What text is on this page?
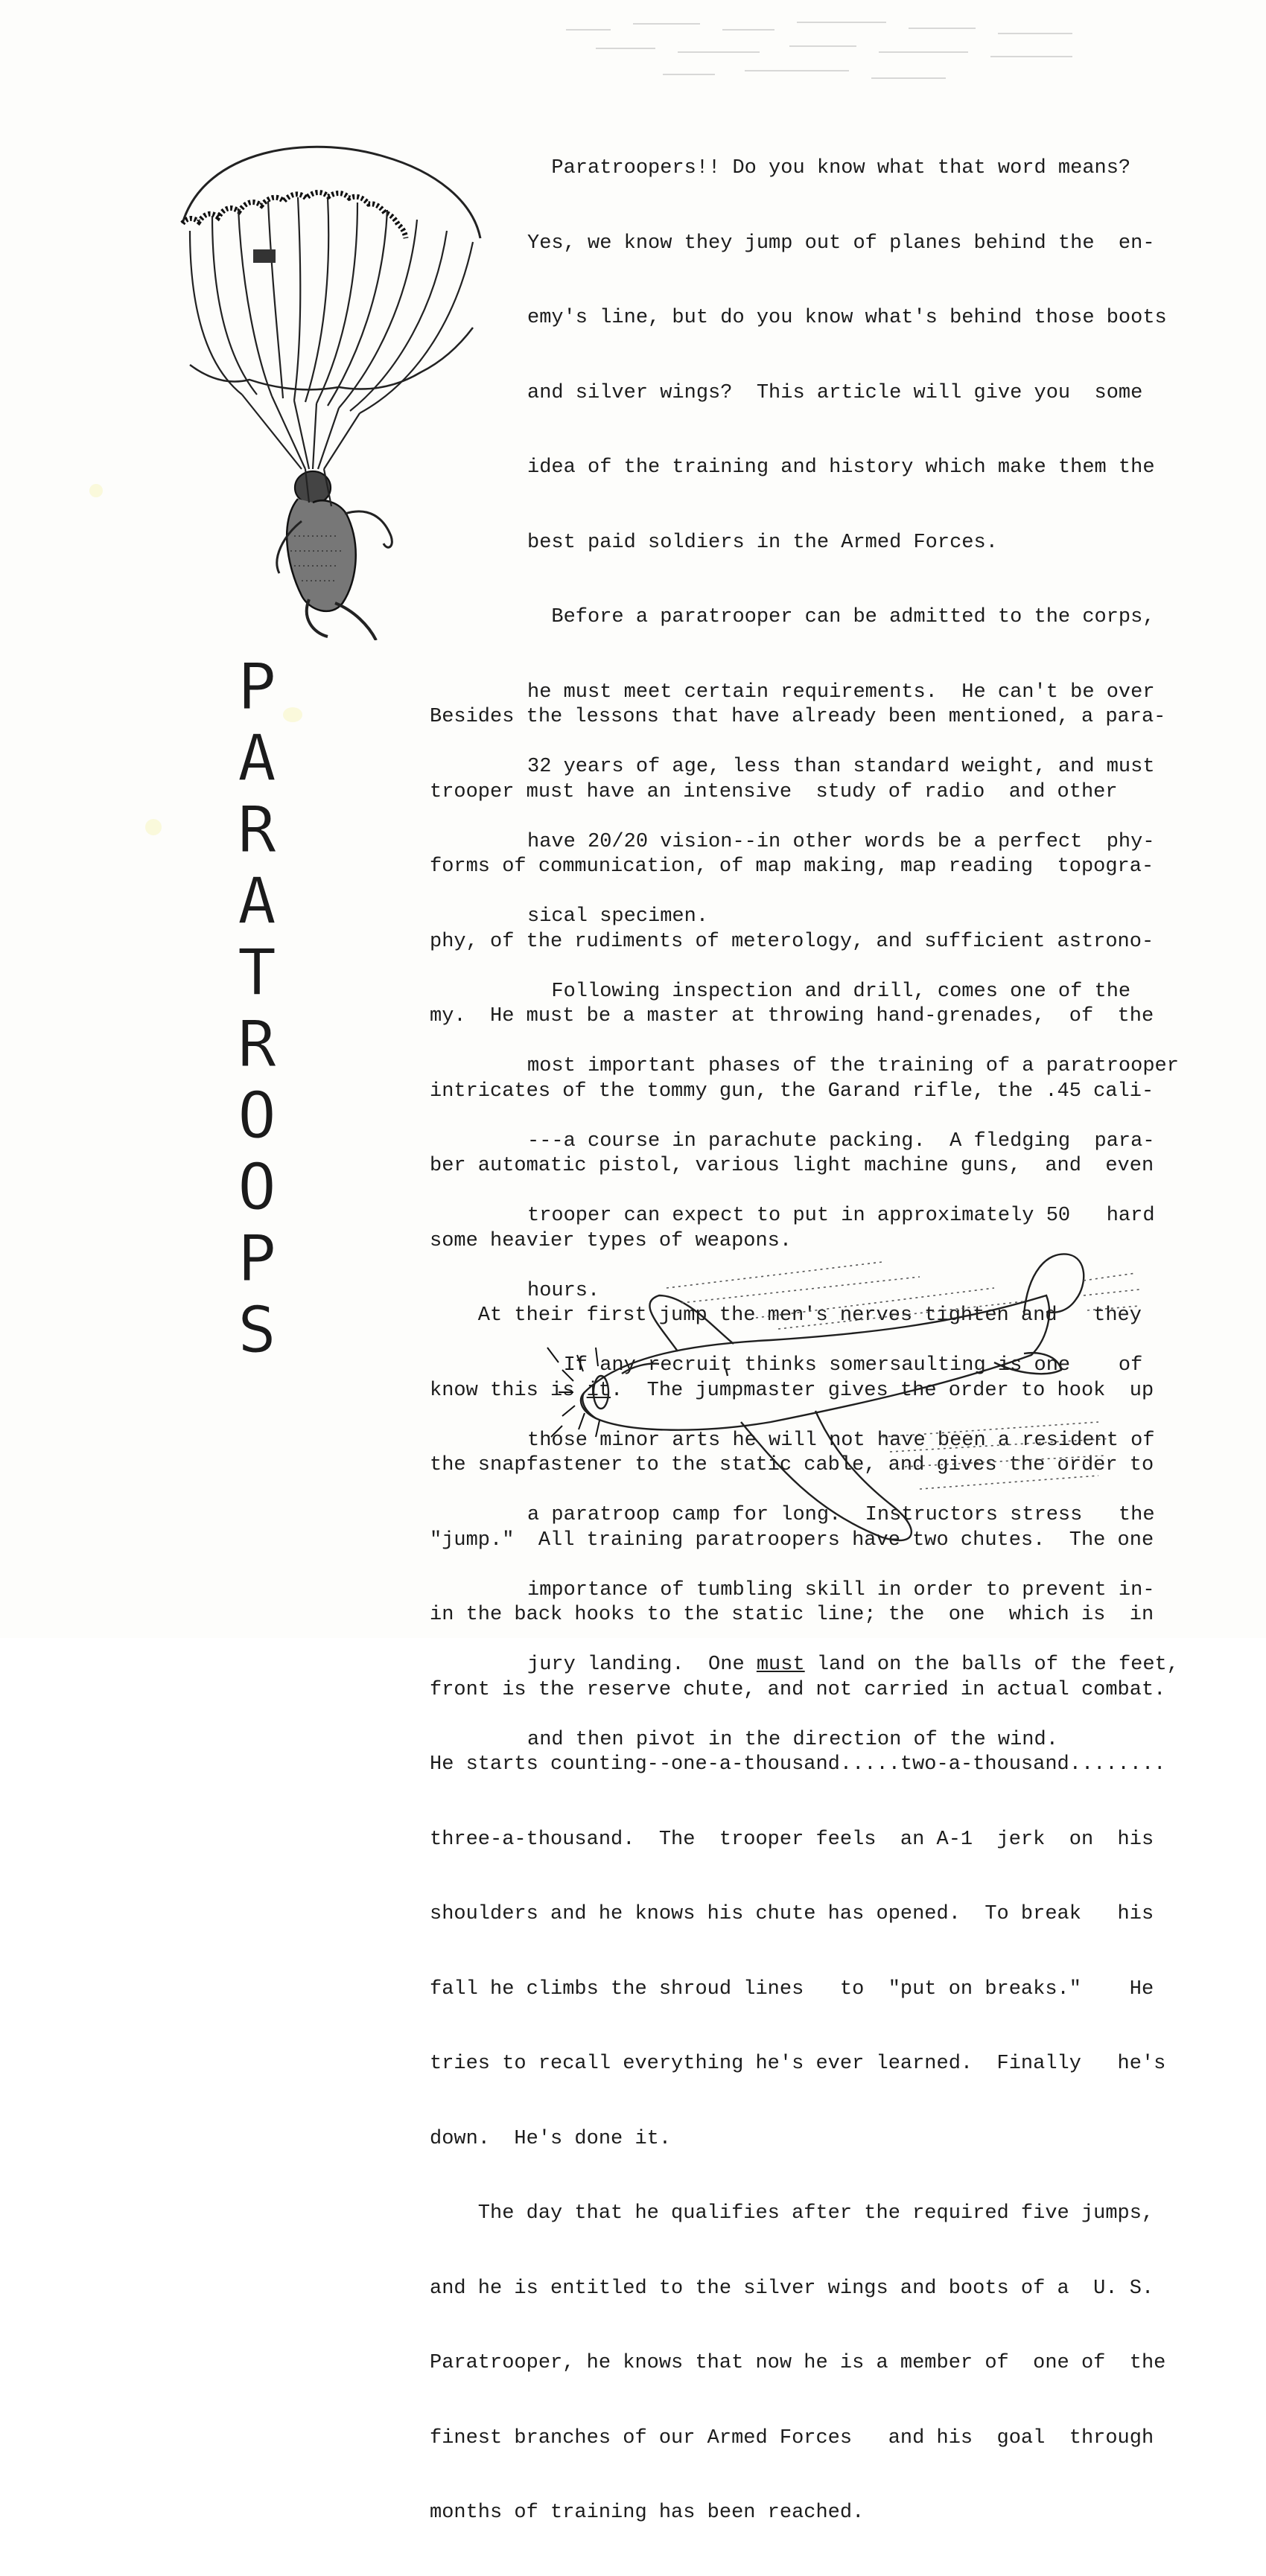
P
A
R
A
T
R
O
O
P
S

Paratroopers!! Do you know what that word means?

Yes, we know they jump out of planes behind the  en-

emy's line, but do you know what's behind those boots

and silver wings?  This article will give you  some

idea of the training and history which make them the

best paid soldiers in the Armed Forces.

Before a paratrooper can be admitted to the corps,

he must meet certain requirements.  He can't be over

32 years of age, less than standard weight, and must

have 20/20 vision--in other words be a perfect  phy-

sical specimen.

Following inspection and drill, comes one of the

most important phases of the training of a paratrooper

---a course in parachute packing.  A fledging  para-

trooper can expect to put in approximately 50   hard

hours.

If any recruit thinks somersaulting is one    of

those minor arts he will not have been a resident of

a paratroop camp for long.  Instructors stress   the

importance of tumbling skill in order to prevent in-

jury landing.  One must land on the balls of the feet,

and then pivot in the direction of the wind.

Besides the lessons that have already been mentioned, a para-

trooper must have an intensive  study of radio  and other

forms of communication, of map making, map reading  topogra-

phy, of the rudiments of meterology, and sufficient astrono-

my.  He must be a master at throwing hand-grenades,  of  the

intricates of the tommy gun, the Garand rifle, the .45 cali-

ber automatic pistol, various light machine guns,  and  even

some heavier types of weapons.

At their first jump the men's nerves tighten and   they

know this is it.  The jumpmaster gives the order to hook  up

the snapfastener to the static cable, and gives the order to

"jump."  All training paratroopers have two chutes.  The one

in the back hooks to the static line; the  one  which is  in

front is the reserve chute, and not carried in actual combat.

He starts counting--one-a-thousand.....two-a-thousand........

three-a-thousand.  The  trooper feels  an A-1  jerk  on  his

shoulders and he knows his chute has opened.  To break   his

fall he climbs the shroud lines   to  "put on breaks."    He

tries to recall everything he's ever learned.  Finally   he's

down.  He's done it.

The day that he qualifies after the required five jumps,

and he is entitled to the silver wings and boots of a  U. S.

Paratrooper, he knows that now he is a member of  one of  the

finest branches of our Armed Forces   and his  goal  through

months of training has been reached.
